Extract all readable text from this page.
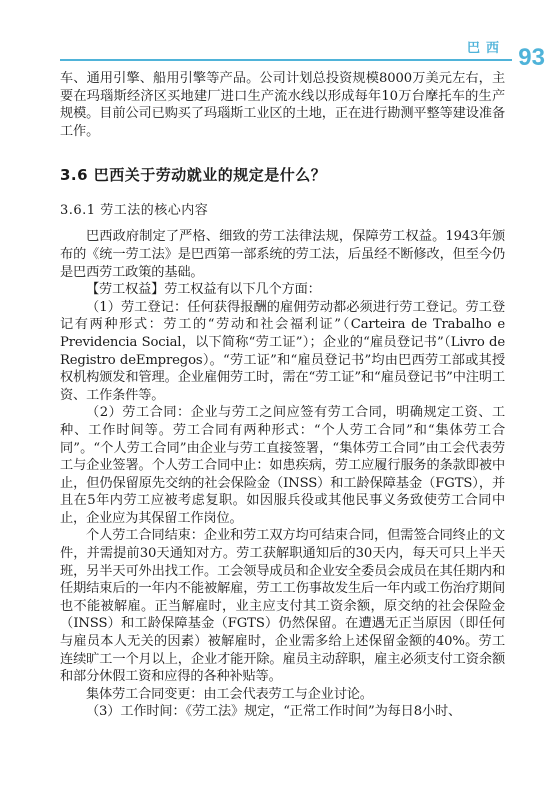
巴西 93

车、通用引擎、船用引擎等产品。公司计划总投资规模8000万美元左右，主要在玛瑙斯经济区买地建厂进口生产流水线以形成每年10万台摩托车的生产规模。目前公司已购买了玛瑙斯工业区的土地，正在进行勘测平整等建设准备工作。

3.6 巴西关于劳动就业的规定是什么？
3.6.1 劳工法的核心内容

巴西政府制定了严格、细致的劳工法律法规，保障劳工权益。1943年颁布的《统一劳工法》是巴西第一部系统的劳工法，后虽经不断修改，但至今仍是巴西劳工政策的基础。

【劳工权益】劳工权益有以下几个方面：

（1）劳工登记：任何获得报酬的雇佣劳动都必须进行劳工登记。劳工登记有两种形式：劳工的“劳动和社会福利证”（Carteira de Trabalho e Previdencia Social，以下简称“劳工证”）；企业的“雇员登记书”（Livro de Registro deEmpregos）。“劳工证”和“雇员登记书”均由巴西劳工部或其授权机构颁发和管理。企业雇佣劳工时，需在“劳工证”和“雇员登记书”中注明工资、工作条件等。

（2）劳工合同：企业与劳工之间应签有劳工合同，明确规定工资、工种、工作时间等。劳工合同有两种形式：“个人劳工合同”和“集体劳工合同”。“个人劳工合同”由企业与劳工直接签署，“集体劳工合同”由工会代表劳工与企业签署。个人劳工合同中止：如患疾病，劳工应履行服务的条款即被中止，但仍保留原先交纳的社会保险金（INSS）和工龄保障基金（FGTS），并且在5年内劳工应被考虑复职。如因服兵役或其他民事义务致使劳工合同中止，企业应为其保留工作岗位。

个人劳工合同结束：企业和劳工双方均可结束合同，但需签合同终止的文件，并需提前30天通知对方。劳工获解职通知后的30天内，每天可只上半天班，另半天可外出找工作。工会领导成员和企业安全委员会成员在其任期内和任期结束后的一年内不能被解雇，劳工工伤事故发生后一年内或工伤治疗期间也不能被解雇。正当解雇时，业主应支付其工资余额，原交纳的社会保险金（INSS）和工龄保障基金（FGTS）仍然保留。在遭遇无正当原因（即任何与雇员本人无关的因素）被解雇时，企业需多给上述保留金额的40%。劳工连续旷工一个月以上，企业才能开除。雇员主动辞职，雇主必须支付工资余额和部分休假工资和应得的各种补贴等。

集体劳工合同变更：由工会代表劳工与企业讨论。

（3）工作时间：《劳工法》规定，“正常工作时间”为每日8小时、
